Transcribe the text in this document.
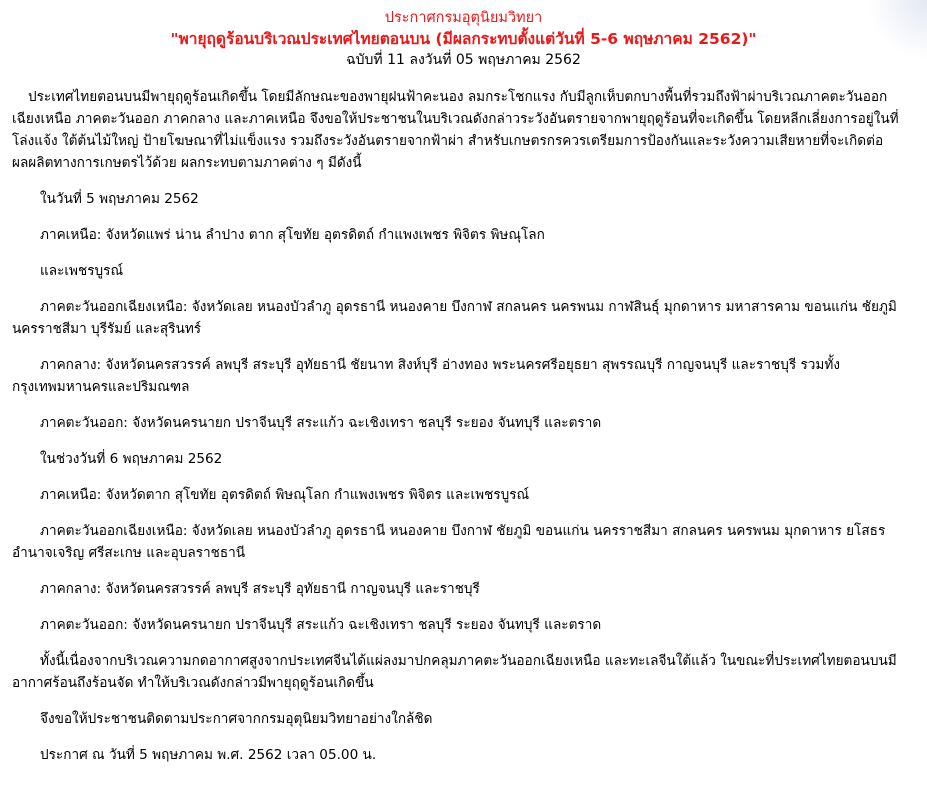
ประกาศกรมอุตุนิยมวิทยา
"พายุฤดูร้อนบริเวณประเทศไทยตอนบน (มีผลกระทบตั้งแต่วันที่ 5-6 พฤษภาคม 2562)"
ฉบับที่ 11 ลงวันที่ 05 พฤษภาคม 2562

ประเทศไทยตอนบนมีพายุฤดูร้อนเกิดขึ้น โดยมีลักษณะของพายุฝนฟ้าคะนอง ลมกระโชกแรง กับมีลูกเห็บตกบางพื้นที่รวมถึงฟ้าผ่าบริเวณภาคตะวันออกเฉียงเหนือ ภาคตะวันออก ภาคกลาง และภาคเหนือ จึงขอให้ประชาชนในบริเวณดังกล่าวระวังอันตรายจากพายุฤดูร้อนที่จะเกิดขึ้น โดยหลีกเลี่ยงการอยู่ในที่โล่งแจ้ง ใต้ต้นไม้ใหญ่ ป้ายโฆษณาที่ไม่แข็งแรง รวมถึงระวังอันตรายจากฟ้าผ่า สำหรับเกษตรกรควรเตรียมการป้องกันและระวังความเสียหายที่จะเกิดต่อผลผลิตทางการเกษตรไว้ด้วย ผลกระทบตามภาคต่าง ๆ มีดังนี้

ในวันที่ 5 พฤษภาคม 2562

ภาคเหนือ: จังหวัดแพร่ น่าน ลำปาง ตาก สุโขทัย อุตรดิตถ์ กำแพงเพชร พิจิตร พิษณุโลก

และเพชรบูรณ์

ภาคตะวันออกเฉียงเหนือ: จังหวัดเลย หนองบัวลำภู อุดรธานี หนองคาย บึงกาฬ สกลนคร นครพนม กาฬสินธุ์ มุกดาหาร มหาสารคาม ขอนแก่น ชัยภูมิ นครราชสีมา บุรีรัมย์ และสุรินทร์

ภาคกลาง: จังหวัดนครสวรรค์ ลพบุรี สระบุรี อุทัยธานี ชัยนาท สิงห์บุรี อ่างทอง พระนครศรีอยุธยา สุพรรณบุรี กาญจนบุรี และราชบุรี รวมทั้งกรุงเทพมหานครและปริมณฑล

ภาคตะวันออก: จังหวัดนครนายก ปราจีนบุรี สระแก้ว ฉะเชิงเทรา ชลบุรี ระยอง จันทบุรี และตราด

ในช่วงวันที่ 6 พฤษภาคม 2562

ภาคเหนือ: จังหวัดตาก สุโขทัย อุตรดิตถ์ พิษณุโลก กำแพงเพชร พิจิตร และเพชรบูรณ์

ภาคตะวันออกเฉียงเหนือ: จังหวัดเลย หนองบัวลำภู อุดรธานี หนองคาย บึงกาฬ ชัยภูมิ ขอนแก่น นครราชสีมา สกลนคร นครพนม มุกดาหาร ยโสธร อำนาจเจริญ ศรีสะเกษ และอุบลราชธานี

ภาคกลาง: จังหวัดนครสวรรค์ ลพบุรี สระบุรี อุทัยธานี กาญจนบุรี และราชบุรี

ภาคตะวันออก: จังหวัดนครนายก ปราจีนบุรี สระแก้ว ฉะเชิงเทรา ชลบุรี ระยอง จันทบุรี และตราด

ทั้งนี้เนื่องจากบริเวณความกดอากาศสูงจากประเทศจีนได้แผ่ลงมาปกคลุมภาคตะวันออกเฉียงเหนือ และทะเลจีนใต้แล้ว ในขณะที่ประเทศไทยตอนบนมีอากาศร้อนถึงร้อนจัด ทำให้บริเวณดังกล่าวมีพายุฤดูร้อนเกิดขึ้น

จึงขอให้ประชาชนติดตามประกาศจากกรมอุตุนิยมวิทยาอย่างใกล้ชิด

ประกาศ ณ วันที่ 5 พฤษภาคม พ.ศ. 2562 เวลา 05.00 น.
